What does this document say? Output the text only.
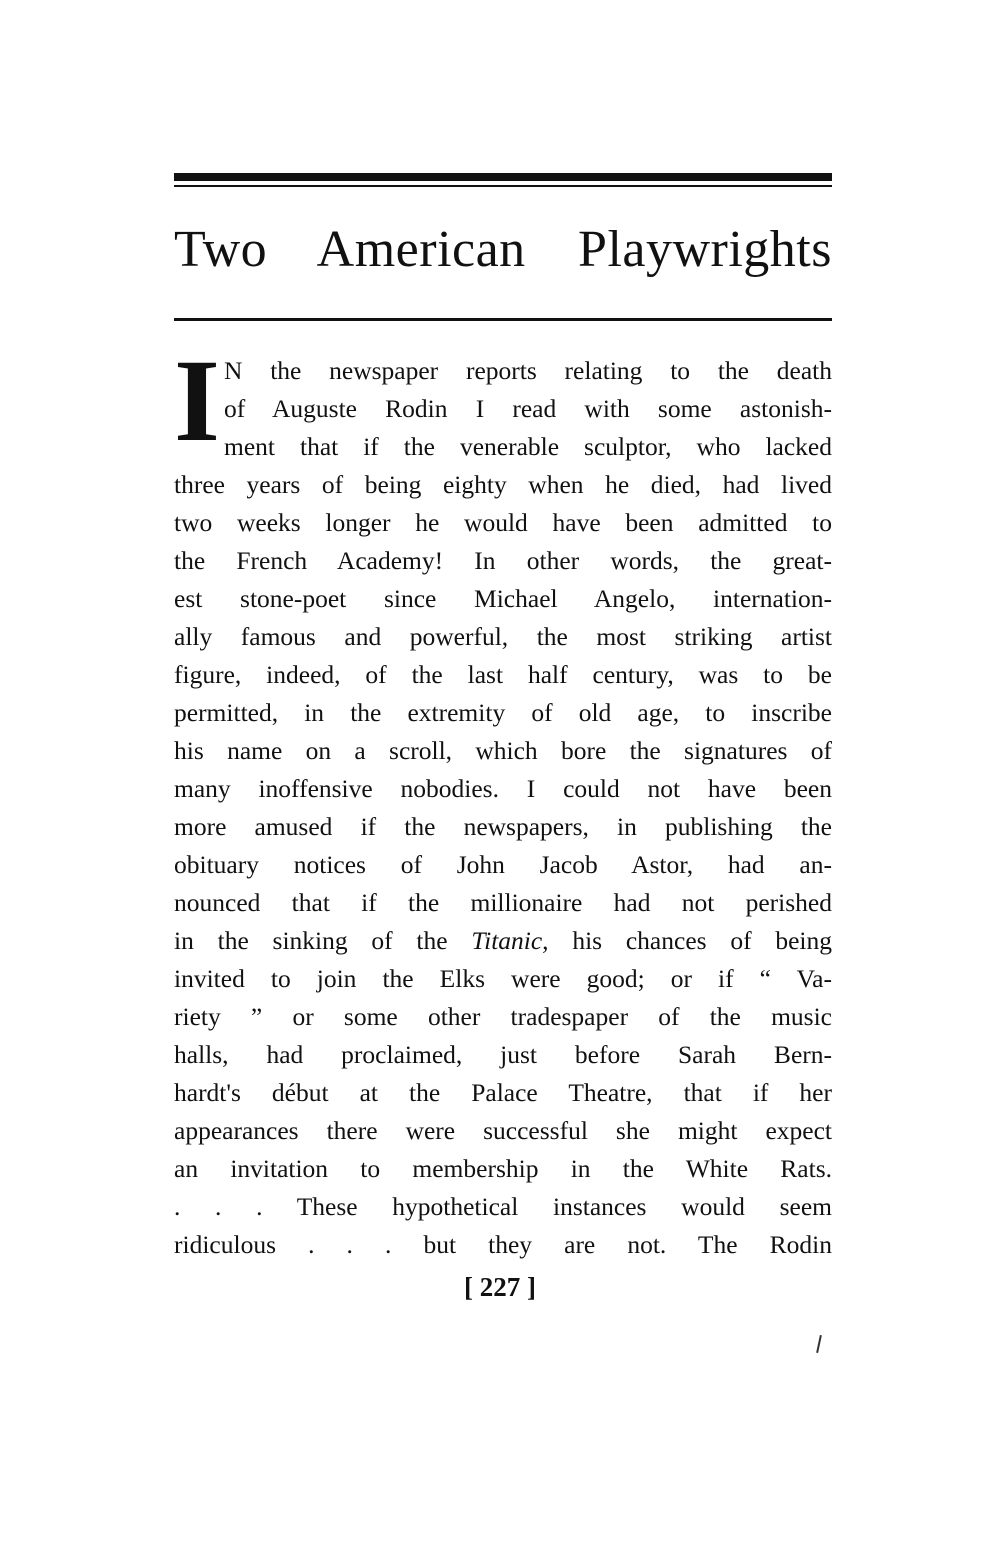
Two American Playwrights
I N the newspaper reports relating to the death
of Auguste Rodin I read with some astonish-
ment that if the venerable sculptor, who lacked
three years of being eighty when he died, had lived
two weeks longer he would have been admitted to
the French Academy! In other words, the great-
est stone-poet since Michael Angelo, internation-
ally famous and powerful, the most striking artist
figure, indeed, of the last half century, was to be
permitted, in the extremity of old age, to inscribe
his name on a scroll, which bore the signatures of
many inoffensive nobodies. I could not have been
more amused if the newspapers, in publishing the
obituary notices of John Jacob Astor, had an-
nounced that if the millionaire had not perished
in the sinking of the Titanic, his chances of being
invited to join the Elks were good; or if “ Va-
riety ” or some other tradespaper of the music
halls, had proclaimed, just before Sarah Bern-
hardt's début at the Palace Theatre, that if her
appearances there were successful she might expect
an invitation to membership in the White Rats.
. . . These hypothetical instances would seem
ridiculous . . . but they are not. The Rodin
[ 227 ]
